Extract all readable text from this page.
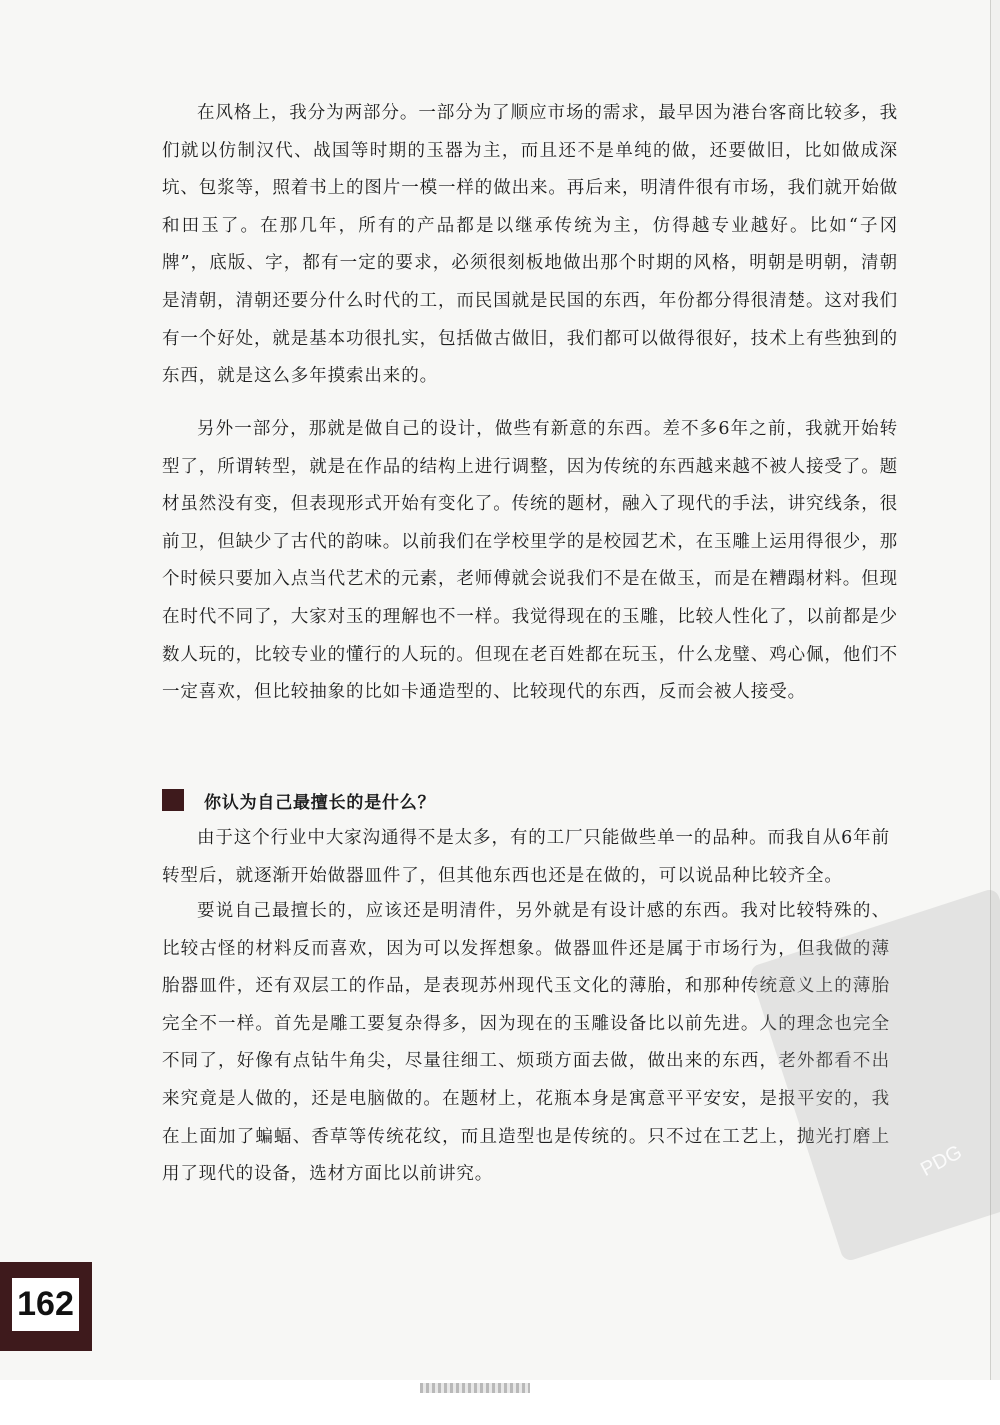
在风格上，我分为两部分。一部分为了顺应市场的需求，最早因为港台客商比较多，我们就以仿制汉代、战国等时期的玉器为主，而且还不是单纯的做，还要做旧，比如做成深坑、包浆等，照着书上的图片一模一样的做出来。再后来，明清件很有市场，我们就开始做和田玉了。在那几年，所有的产品都是以继承传统为主，仿得越专业越好。比如“子冈牌”，底版、字，都有一定的要求，必须很刻板地做出那个时期的风格，明朝是明朝，清朝是清朝，清朝还要分什么时代的工，而民国就是民国的东西，年份都分得很清楚。这对我们有一个好处，就是基本功很扎实，包括做古做旧，我们都可以做得很好，技术上有些独到的东西，就是这么多年摸索出来的。

另外一部分，那就是做自己的设计，做些有新意的东西。差不多6年之前，我就开始转型了，所谓转型，就是在作品的结构上进行调整，因为传统的东西越来越不被人接受了。题材虽然没有变，但表现形式开始有变化了。传统的题材，融入了现代的手法，讲究线条，很前卫，但缺少了古代的韵味。以前我们在学校里学的是校园艺术，在玉雕上运用得很少，那个时候只要加入点当代艺术的元素，老师傅就会说我们不是在做玉，而是在糟蹋材料。但现在时代不同了，大家对玉的理解也不一样。我觉得现在的玉雕，比较人性化了，以前都是少数人玩的，比较专业的懂行的人玩的。但现在老百姓都在玩玉，什么龙璧、鸡心佩，他们不一定喜欢，但比较抽象的比如卡通造型的、比较现代的东西，反而会被人接受。

你认为自己最擅长的是什么？

由于这个行业中大家沟通得不是太多，有的工厂只能做些单一的品种。而我自从6年前转型后，就逐渐开始做器皿件了，但其他东西也还是在做的，可以说品种比较齐全。

要说自己最擅长的，应该还是明清件，另外就是有设计感的东西。我对比较特殊的、比较古怪的材料反而喜欢，因为可以发挥想象。做器皿件还是属于市场行为，但我做的薄胎器皿件，还有双层工的作品，是表现苏州现代玉文化的薄胎，和那种传统意义上的薄胎完全不一样。首先是雕工要复杂得多，因为现在的玉雕设备比以前先进。人的理念也完全不同了，好像有点钻牛角尖，尽量往细工、烦琐方面去做，做出来的东西，老外都看不出来究竟是人做的，还是电脑做的。在题材上，花瓶本身是寓意平平安安，是报平安的，我在上面加了蝙蝠、香草等传统花纹，而且造型也是传统的。只不过在工艺上，抛光打磨上用了现代的设备，选材方面比以前讲究。	PDG
162
